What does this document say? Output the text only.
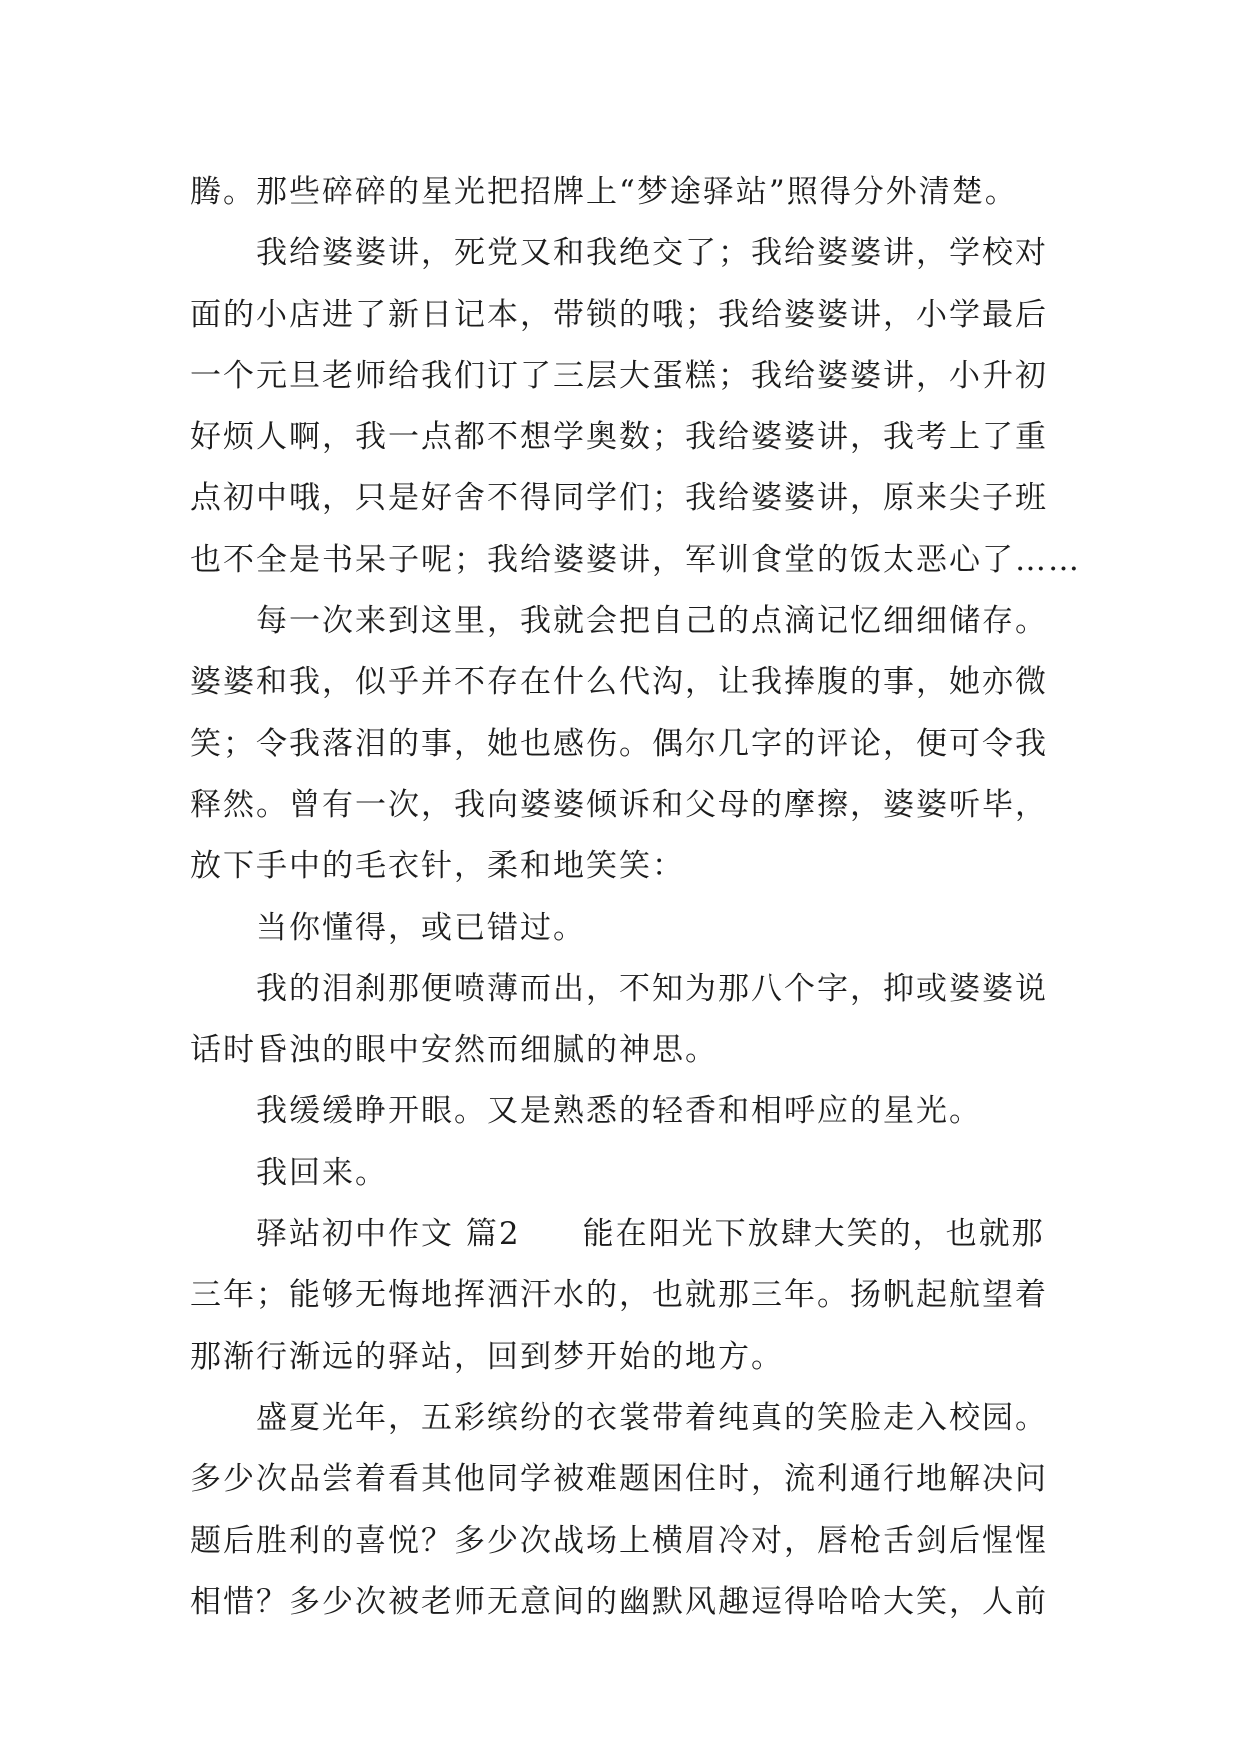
腾。那些碎碎的星光把招牌上“梦途驿站”照得分外清楚。
我给婆婆讲，死党又和我绝交了；我给婆婆讲，学校对
面的小店进了新日记本，带锁的哦；我给婆婆讲，小学最后
一个元旦老师给我们订了三层大蛋糕；我给婆婆讲，小升初
好烦人啊，我一点都不想学奥数；我给婆婆讲，我考上了重
点初中哦，只是好舍不得同学们；我给婆婆讲，原来尖子班
也不全是书呆子呢；我给婆婆讲，军训食堂的饭太恶心了……
每一次来到这里，我就会把自己的点滴记忆细细储存。
婆婆和我，似乎并不存在什么代沟，让我捧腹的事，她亦微
笑；令我落泪的事，她也感伤。偶尔几字的评论，便可令我
释然。曾有一次，我向婆婆倾诉和父母的摩擦，婆婆听毕，
放下手中的毛衣针，柔和地笑笑：
当你懂得，或已错过。
我的泪刹那便喷薄而出，不知为那八个字，抑或婆婆说
话时昏浊的眼中安然而细腻的神思。
我缓缓睁开眼。又是熟悉的轻香和相呼应的星光。
我回来。
驿站初中作文 篇2 能在阳光下放肆大笑的，也就那
三年；能够无悔地挥洒汗水的，也就那三年。扬帆起航望着
那渐行渐远的驿站，回到梦开始的地方。
盛夏光年，五彩缤纷的衣裳带着纯真的笑脸走入校园。
多少次品尝着看其他同学被难题困住时，流利通行地解决问
题后胜利的喜悦？多少次战场上横眉冷对，唇枪舌剑后惺惺
相惜？多少次被老师无意间的幽默风趣逗得哈哈大笑，人前
